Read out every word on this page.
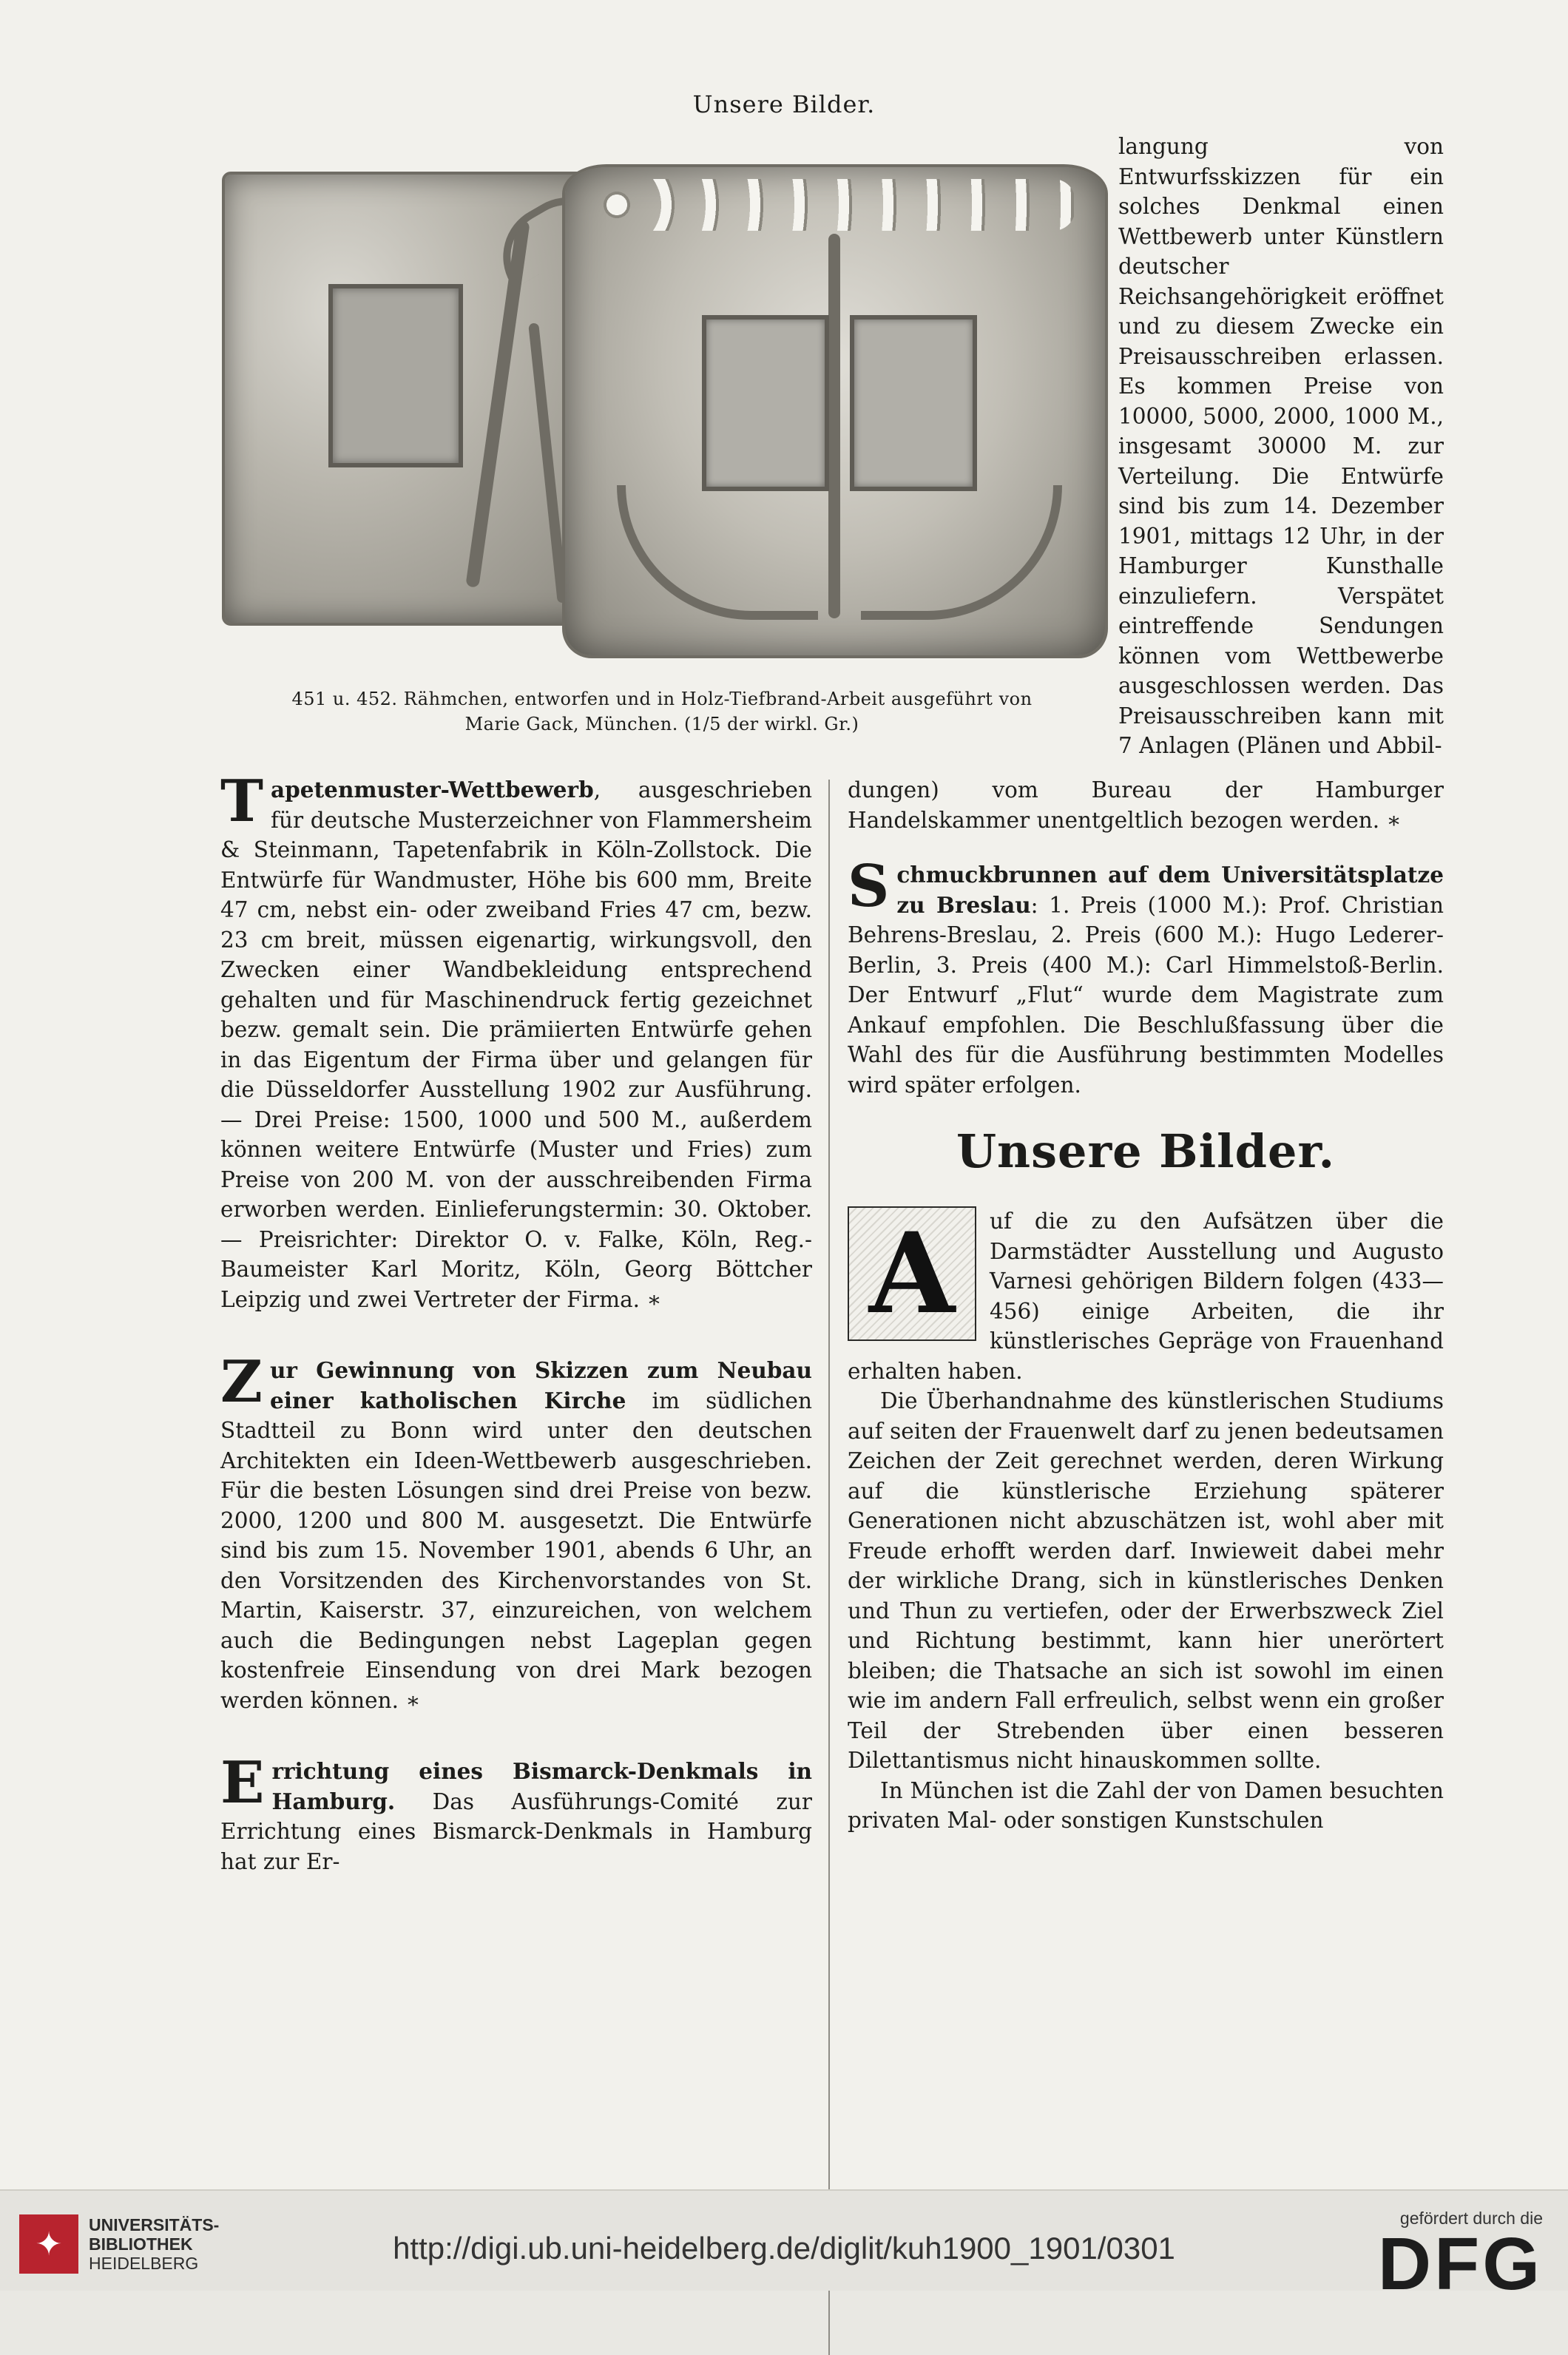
Unsere Bilder.
451 u. 452. Rähmchen, entworfen und in Holz-Tiefbrand-Arbeit ausgeführt von
Marie Gack, München. (1/5 der wirkl. Gr.)

langung von Entwurfsskizzen für ein solches Denkmal einen Wettbewerb unter Künstlern deutscher Reichsangehörigkeit eröffnet und zu diesem Zwecke ein Preisausschreiben erlassen. Es kommen Preise von 10000, 5000, 2000, 1000 M., insgesamt 30000 M. zur Verteilung. Die Entwürfe sind bis zum 14. Dezember 1901, mittags 12 Uhr, in der Hamburger Kunsthalle einzuliefern. Verspätet eintreffende Sendungen können vom Wettbewerbe ausgeschlossen werden. Das Preisausschreiben kann mit 7 Anlagen (Plänen und Abbil-

Tapetenmuster-Wettbewerb, ausgeschrieben für deutsche Musterzeichner von Flammersheim & Steinmann, Tapetenfabrik in Köln-Zollstock. Die Entwürfe für Wandmuster, Höhe bis 600 mm, Breite 47 cm, nebst ein- oder zweiband Fries 47 cm, bezw. 23 cm breit, müssen eigenartig, wirkungsvoll, den Zwecken einer Wandbekleidung entsprechend gehalten und für Maschinendruck fertig gezeichnet bezw. gemalt sein. Die prämiierten Entwürfe gehen in das Eigentum der Firma über und gelangen für die Düsseldorfer Ausstellung 1902 zur Ausführung. — Drei Preise: 1500, 1000 und 500 M., außerdem können weitere Entwürfe (Muster und Fries) zum Preise von 200 M. von der ausschreibenden Firma erworben werden. Einlieferungstermin: 30. Oktober. — Preisrichter: Direktor O. v. Falke, Köln, Reg.-Baumeister Karl Moritz, Köln, Georg Böttcher Leipzig und zwei Vertreter der Firma. ∗

Zur Gewinnung von Skizzen zum Neubau einer katholischen Kirche im südlichen Stadtteil zu Bonn wird unter den deutschen Architekten ein Ideen-Wettbewerb ausgeschrieben. Für die besten Lösungen sind drei Preise von bezw. 2000, 1200 und 800 M. ausgesetzt. Die Entwürfe sind bis zum 15. November 1901, abends 6 Uhr, an den Vorsitzenden des Kirchenvorstandes von St. Martin, Kaiserstr. 37, einzureichen, von welchem auch die Bedingungen nebst Lageplan gegen kostenfreie Einsendung von drei Mark bezogen werden können. ∗

Errichtung eines Bismarck-Denkmals in Hamburg. Das Ausführungs-Comité zur Errichtung eines Bismarck-Denkmals in Hamburg hat zur Er-

dungen) vom Bureau der Hamburger Handelskammer unentgeltlich bezogen werden. ∗

Schmuckbrunnen auf dem Universitätsplatze zu Breslau: 1. Preis (1000 M.): Prof. Christian Behrens-Breslau, 2. Preis (600 M.): Hugo Lederer-Berlin, 3. Preis (400 M.): Carl Himmelstoß-Berlin. Der Entwurf „Flut“ wurde dem Magistrate zum Ankauf empfohlen. Die Beschlußfassung über die Wahl des für die Ausführung bestimmten Modelles wird später erfolgen.

Unsere Bilder.

A	uf die zu den Aufsätzen über die Darmstädter Ausstellung und Augusto Varnesi gehörigen Bildern folgen (433—456) einige Arbeiten, die ihr künstlerisches Gepräge von Frauenhand erhalten haben.

Die Überhandnahme des künstlerischen Studiums auf seiten der Frauenwelt darf zu jenen bedeutsamen Zeichen der Zeit gerechnet werden, deren Wirkung auf die künstlerische Erziehung späterer Generationen nicht abzuschätzen ist, wohl aber mit Freude erhofft werden darf. Inwieweit dabei mehr der wirkliche Drang, sich in künstlerisches Denken und Thun zu vertiefen, oder der Erwerbszweck Ziel und Richtung bestimmt, kann hier unerörtert bleiben; die Thatsache an sich ist sowohl im einen wie im andern Fall erfreulich, selbst wenn ein großer Teil der Strebenden über einen besseren Dilettantismus nicht hinauskommen sollte.

In München ist die Zahl der von Damen besuchten privaten Mal- oder sonstigen Kunstschulen

✦
UNIVERSITÄTS-
BIBLIOTHEK
HEIDELBERG	http://digi.ub.uni-heidelberg.de/diglit/kuh1900_1901/0301
gefördert durch die
DFG
